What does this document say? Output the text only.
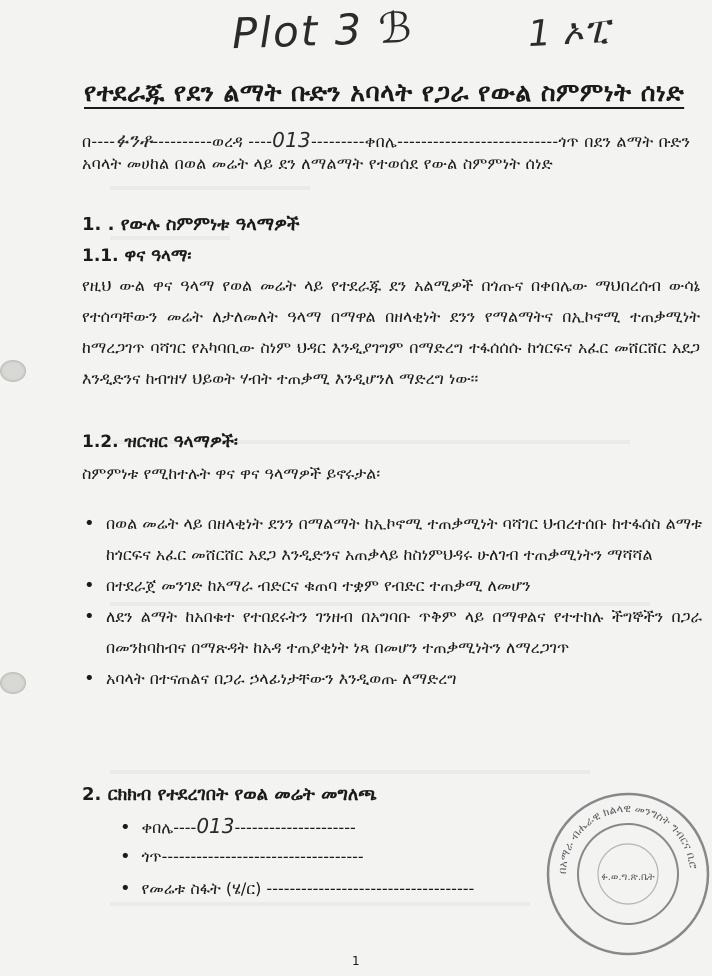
Plot 3 ℬ	1 ኦፒ
የተደራጁ የደን ልማት ቡድን አባላት የጋራ የውል ስምምነት ሰነድ
በ----ፉንቶ----------ወረዳ ----013---------ቀበሌ---------------------------ጎጥ በደን ልማት ቡድን
አባላት መሀከል በወል መሬት ላይ ደን ለማልማት የተወሰደ የውል ስምምነት ሰነድ
1. . የውሉ ስምምነቱ ዓላማዎች
1.1. ዋና ዓላማ፡
የዚህ ውል ዋና ዓላማ የወል መሬት ላይ የተደራጁ ደን አልሚዎች በጎጡና በቀበሌው ማህበረሰብ ውሳኔ የተሰጣቸውን መሬት ለታለመለት ዓላማ በማዋል በዘላቂነት ደንን የማልማትና በኢኮኖሚ ተጠቃሚነት ከማረጋገጥ ባሻገር የአካባቢው ስነም ህዳር እንዲያገግም በማድረግ ተፋሰሰሱ ከጎርፍና አፈር መሸርሸር አደጋ እንዲድንና ከብዝሃ ህይወት ሃብት ተጠቃሚ እንዲሆንለ ማድረግ ነው፡፡
1.2. ዝርዝር ዓላማዎች፡
ስምምነቱ የሚከተሉት ዋና ዋና ዓላማዎች ይኖሩታል፡
• በወል መሬት ላይ በዘላቂነት ደንን በማልማት ከኢኮኖሚ ተጠቃሚነት ባሻገር ህብረተሰቡ ከተፋሰስ ልማቱ ከጎርፍና አፈር መሸርሸር አደጋ እንዲድንና አጠቃላይ ከስነምህዳሩ ሁለገብ ተጠቃሚነትን ማሻሻል
• በተደራጀ መንገድ ከአማራ ብድርና ቁጠባ ተቋም የብድር ተጠቃሚ ለመሆን
• ለደን ልማት ከአበቁተ የተበደሩትን ገንዘብ በአግባቡ ጥቅም ላይ በማዋልና የተተከሉ ችግኞችን በጋራ በመንከባከብና በማጽዳት ከአዳ ተጠያቂነት ነጻ በመሆን ተጠቃሚነትን ለማረጋገጥ
• አባላት በተናጠልና በጋራ ኃላፊነታቸውን እንዲወጡ ለማድረግ
2. ርክክብ የተደረገበት የወል መሬት መግለጫ
• ቀበሌ----013---------------------
• ጎጥ-----------------------------------
• የመሬቱ ስፋት (ሄ/ር) ------------------------------------
በአማራ ብሔራዊ ክልላዊ መንግስት ግብርና ቢሮ
ፉ.ወ.ግ.ጽ.ቤት
1
